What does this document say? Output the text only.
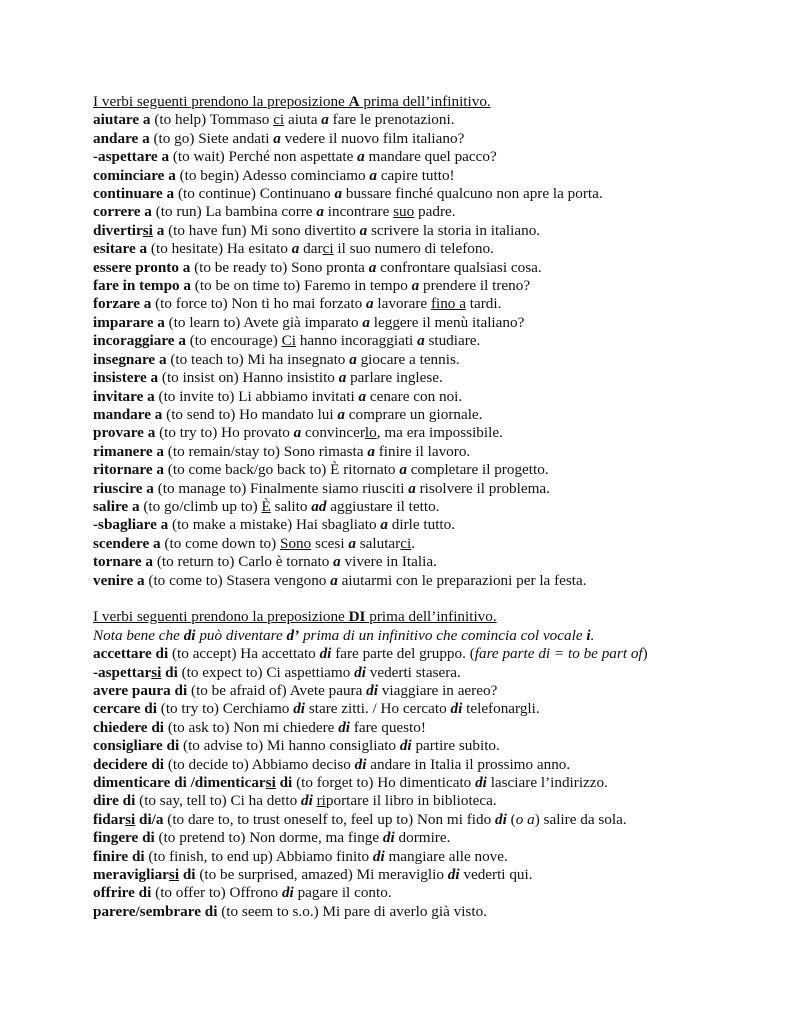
I verbi seguenti prendono la preposizione A prima dell’infinitivo.
aiutare a (to help) Tommaso ci aiuta a fare le prenotazioni.
andare a (to go) Siete andati a vedere il nuovo film italiano?
-aspettare a (to wait) Perché non aspettate a mandare quel pacco?
cominciare a (to begin) Adesso cominciamo a capire tutto!
continuare a (to continue) Continuano a bussare finché qualcuno non apre la porta.
correre a (to run) La bambina corre a incontrare suo padre.
divertirsi a (to have fun) Mi sono divertito a scrivere la storia in italiano.
esitare a (to hesitate) Ha esitato a darci il suo numero di telefono.
essere pronto a (to be ready to) Sono pronta a confrontare qualsiasi cosa.
fare in tempo a (to be on time to) Faremo in tempo a prendere il treno?
forzare a (to force to) Non ti ho mai forzato a lavorare fino a tardi.
imparare a (to learn to) Avete già imparato a leggere il menù italiano?
incoraggiare a (to encourage) Ci hanno incoraggiati a studiare.
insegnare a (to teach to) Mi ha insegnato a giocare a tennis.
insistere a (to insist on) Hanno insistito a parlare inglese.
invitare a (to invite to) Li abbiamo invitati a cenare con noi.
mandare a (to send to) Ho mandato lui a comprare un giornale.
provare a (to try to) Ho provato a convincerlo, ma era impossibile.
rimanere a (to remain/stay to) Sono rimasta a finire il lavoro.
ritornare a (to come back/go back to) È ritornato a completare il progetto.
riuscire a (to manage to) Finalmente siamo riusciti a risolvere il problema.
salire a (to go/climb up to) È salito ad aggiustare il tetto.
-sbagliare a (to make a mistake) Hai sbagliato a dirle tutto.
scendere a (to come down to) Sono scesi a salutarci.
tornare a (to return to) Carlo è tornato a vivere in Italia.
venire a (to come to) Stasera vengono a aiutarmi con le preparazioni per la festa.
I verbi seguenti prendono la preposizione DI prima dell’infinitivo.
Nota bene che di può diventare d’ prima di un infinitivo che comincia col vocale i.
accettare di (to accept) Ha accettato di fare parte del gruppo. (fare parte di = to be part of)
-aspettarsi di (to expect to) Ci aspettiamo di vederti stasera.
avere paura di (to be afraid of) Avete paura di viaggiare in aereo?
cercare di (to try to) Cerchiamo di stare zitti. / Ho cercato di telefonargli.
chiedere di (to ask to) Non mi chiedere di fare questo!
consigliare di (to advise to) Mi hanno consigliato di partire subito.
decidere di (to decide to) Abbiamo deciso di andare in Italia il prossimo anno.
dimenticare di /dimenticarsi di (to forget to) Ho dimenticato di lasciare l’indirizzo.
dire di (to say, tell to) Ci ha detto di riportare il libro in biblioteca.
fidarsi di/a (to dare to, to trust oneself to, feel up to) Non mi fido di (o a) salire da sola.
fingere di (to pretend to) Non dorme, ma finge di dormire.
finire di (to finish, to end up) Abbiamo finito di mangiare alle nove.
meravigliarsi di (to be surprised, amazed) Mi meraviglio di vederti qui.
offrire di (to offer to) Offrono di pagare il conto.
parere/sembrare di (to seem to s.o.) Mi pare di averlo già visto.
